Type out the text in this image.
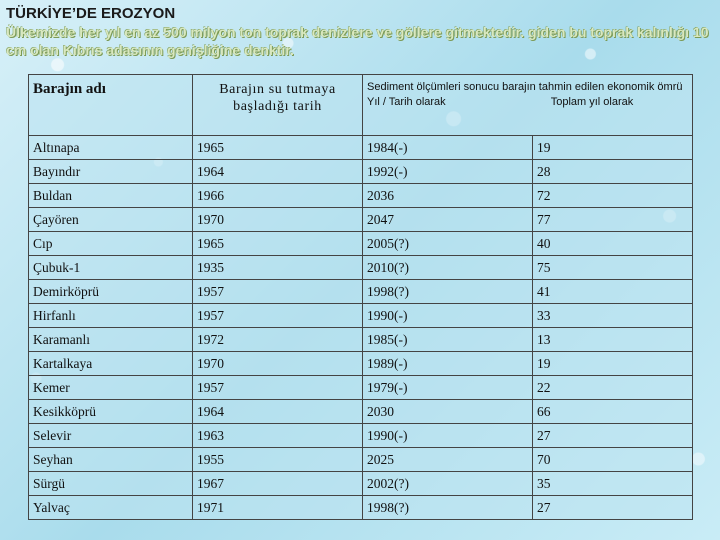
TÜRKİYE’DE EROZYON
Ülkemizde her yıl en az 500 milyon ton toprak denizlere ve göllere gitmektedir. giden bu toprak kalınlığı 10 cm olan Kıbrıs adasının genişliğine denktir.
Barajın adı	Barajın su tutmaya başladığı tarih	Sediment ölçümleri sonucu barajın tahmin edilen ekonomik ömrü
Yıl / Tarih olarak Toplam yıl olarak	

Altınapa	1965	1984(-)	19
Bayındır	1964	1992(-)	28
Buldan	1966	2036	72
Çayören	1970	2047	77
Cıp	1965	2005(?)	40
Çubuk-1	1935	2010(?)	75
Demirköprü	1957	1998(?)	41
Hirfanlı	1957	1990(-)	33
Karamanlı	1972	1985(-)	13
Kartalkaya	1970	1989(-)	19
Kemer	1957	1979(-)	22
Kesikköprü	1964	2030	66
Selevir	1963	1990(-)	27
Seyhan	1955	2025	70
Sürgü	1967	2002(?)	35
Yalvaç	1971	1998(?)	27
